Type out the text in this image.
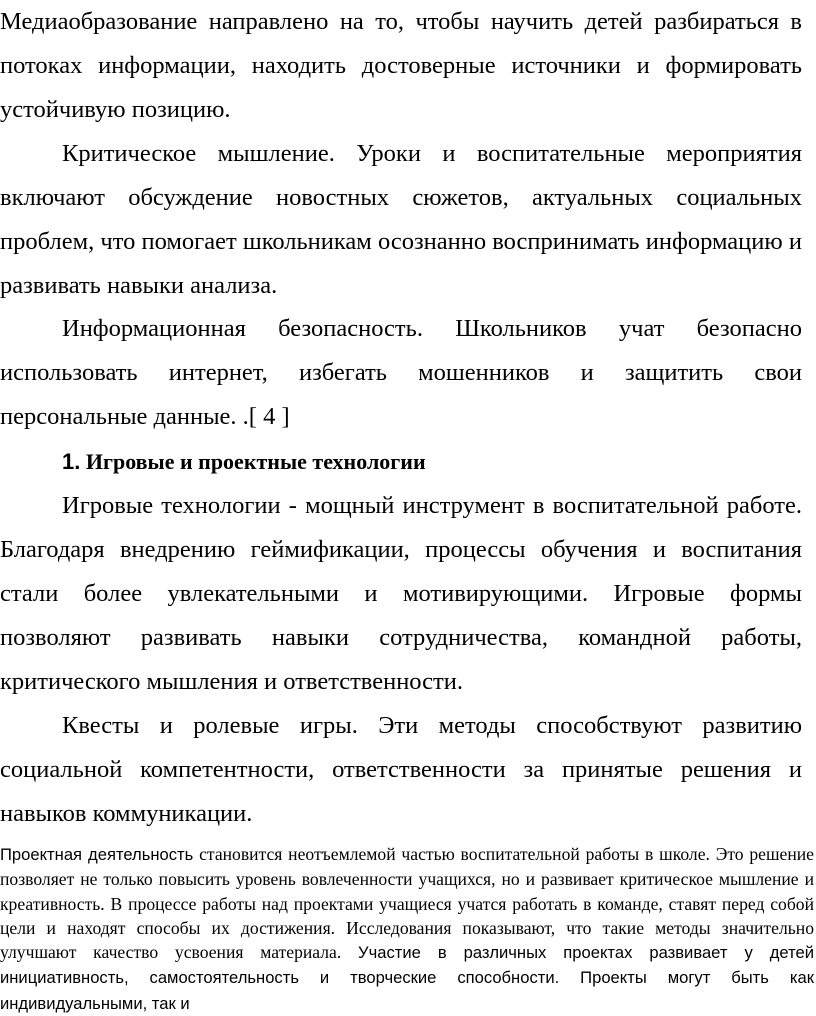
Медиаобразование направлено на то, чтобы научить детей разбираться в потоках информации, находить достоверные источники и формировать устойчивую позицию.

Критическое мышление. Уроки и воспитательные мероприятия включают обсуждение новостных сюжетов, актуальных социальных проблем, что помогает школьникам осознанно воспринимать информацию и развивать навыки анализа.

Информационная безопасность. Школьников учат безопасно использовать интернет, избегать мошенников и защитить свои персональные данные. .[ 4 ]

1. Игровые и проектные технологии

Игровые технологии - мощный инструмент в воспитательной работе. Благодаря внедрению геймификации, процессы обучения и воспитания стали более увлекательными и мотивирующими. Игровые формы позволяют развивать навыки сотрудничества, командной работы, критического мышления и ответственности.

Квесты и ролевые игры. Эти методы способствуют развитию социальной компетентности, ответственности за принятые решения и навыков коммуникации.

Проектная деятельность становится неотъемлемой частью воспитательной работы в школе. Это решение позволяет не только повысить уровень вовлеченности учащихся, но и развивает критическое мышление и креативность. В процессе работы над проектами учащиеся учатся работать в команде, ставят перед собой цели и находят способы их достижения. Исследования показывают, что такие методы значительно улучшают качество усвоения материала. Участие в различных проектах развивает у детей инициативность, самостоятельность и творческие способности. Проекты могут быть как индивидуальными, так и
